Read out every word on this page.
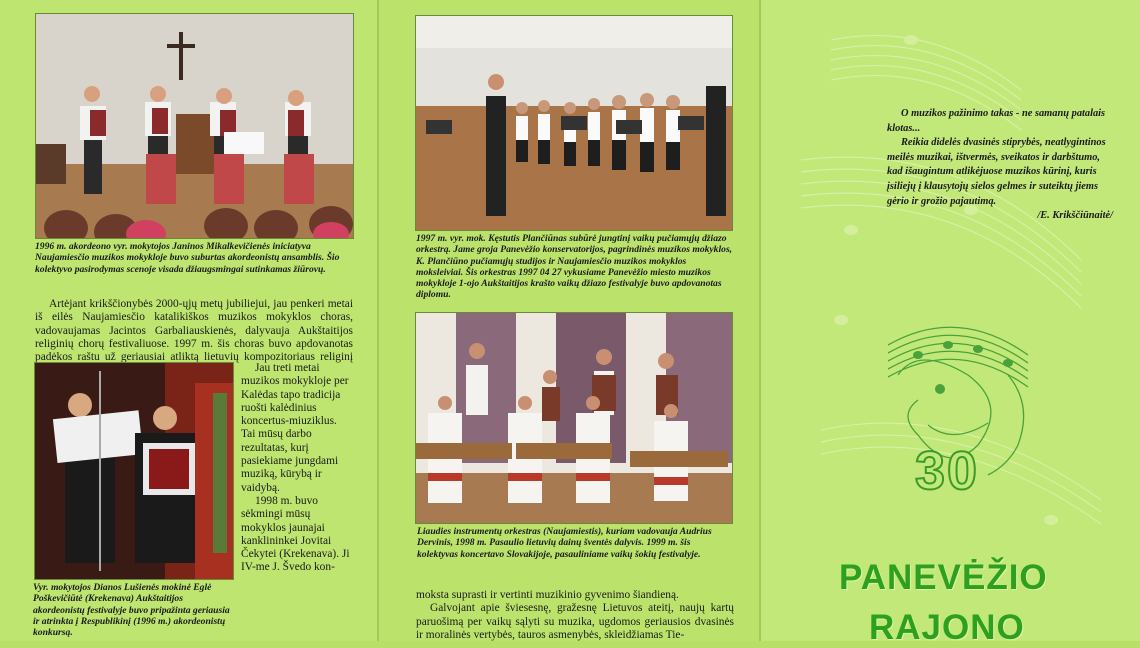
1996 m. akordeono vyr. mokytojos Janinos Mikalkevičienės iniciatyva Naujamiesčio muzikos mokykloje buvo suburtas akordeonistų ansamblis. Šio kolektyvo pasirodymas scenoje visada džiaugsmingai sutinkamas žiūrovų.

Artėjant krikščionybės 2000-ųjų metų jubiliejui, jau penkeri metai iš eilės Naujamiesčio katalikiškos muzikos mokyklos choras, vadovaujamas Jacintos Garbaliauskienės, dalyvauja Aukštaitijos religinių chorų festivaliuose. 1997 m. šis choras buvo apdovanotas padėkos raštu už geriausiai atliktą lietuvių kompozitoriaus religinį

Jau treti metai muzikos mokykloje per Kalėdas tapo tradicija ruošti kalėdinius koncertus-miuziklus. Tai mūsų darbo rezultatas, kurį pasiekiame jungdami muziką, kūrybą ir vaidybą.

1998 m. buvo sėkmingi mūsų mokyklos jaunajai kanklininkei Jovitai Čekytei (Krekenava). Ji IV-me J. Švedo kon-

Vyr. mokytojos Dianos Lušienės mokinė Eglė Poškevičiūtė (Krekenava) Aukštaitijos akordeonistų festivalyje buvo pripažinta geriausia ir atrinkta į Respublikinį (1996 m.) akordeonistų konkursą.
1997 m. vyr. mok. Kęstutis Plančiūnas subūrė jungtinį vaikų pučiamųjų džiazo orkestrą. Jame groja Panevėžio konservatorijos, pagrindinės muzikos mokyklos, K. Plančiūno pučiamųjų studijos ir Naujamiesčio muzikos mokyklos moksleiviai. Šis orkestras 1997 04 27 vykusiame Panevėžio miesto muzikos mokykloje 1-ojo Aukštaitijos krašto vaikų džiazo festivalyje buvo apdovanotas diplomu.
Liaudies instrumentų orkestras (Naujamiestis), kuriam vadovauja Audrius Dervinis, 1998 m. Pasaulio lietuvių dainų šventės dalyvis. 1999 m. šis kolektyvas koncertavo Slovakijoje, pasauliniame vaikų šokių festivalyje.

moksta suprasti ir vertinti muzikinio gyvenimo šiandieną.

Galvojant apie šviesesnę, gražesnę Lietuvos ateitį, naujų kartų paruošimą per vaikų sąlyti su muzika, ugdomos geriausios dvasinės ir moralinės vertybės, tauros asmenybės, skleidžiamas Tie-

O muzikos pažinimo takas - ne samanų patalais klotas...

Reikia didelės dvasinės stiprybės, neatlygintinos meilės muzikai, ištvermės, sveikatos ir darbštumo, kad išaugintum atlikėjuose muzikos kūrinį, kuris įsiliejų į klausytojų sielos gelmes ir suteiktų jiems gėrio ir grožio pajautimą.

/E. Krikščiūnaitė/

30
PANEVĖŽIO
RAJONO
